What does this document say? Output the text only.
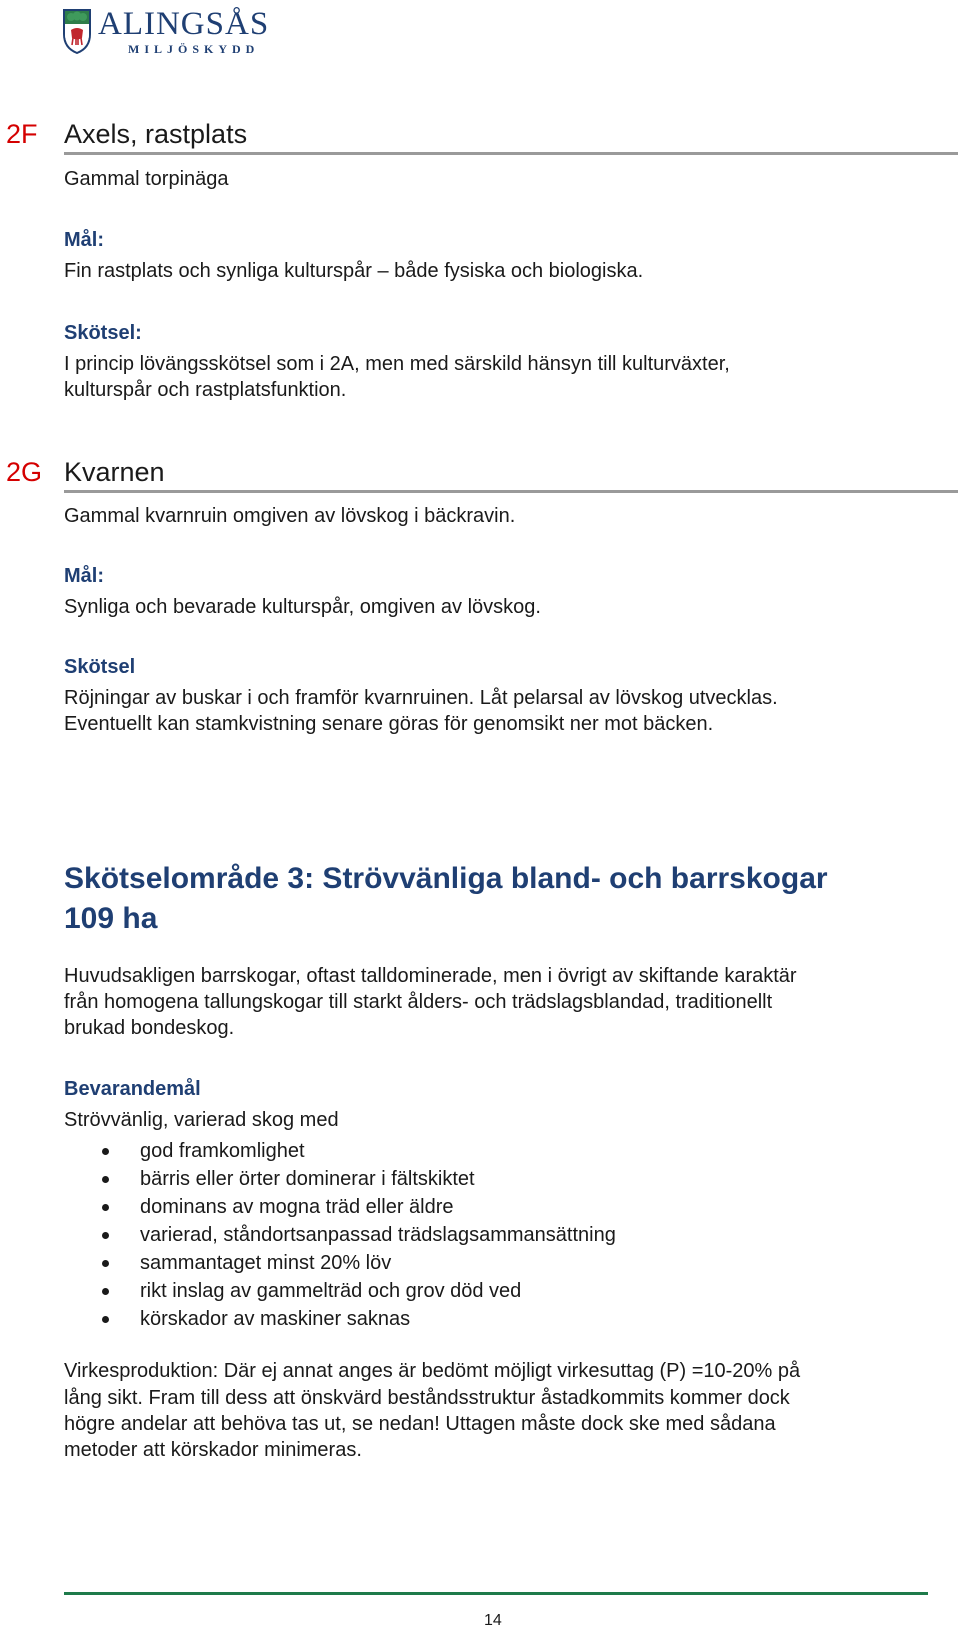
ALINGSÅS
MILJÖSKYDD
2F Axels, rastplats
Gammal torpinäga
Mål:
Fin rastplats och synliga kulturspår – både fysiska och biologiska.
Skötsel:
I princip lövängsskötsel som i 2A, men med särskild hänsyn till kulturväxter,
kulturspår och rastplatsfunktion.
2G Kvarnen
Gammal kvarnruin omgiven av lövskog i bäckravin.
Mål:
Synliga och bevarade kulturspår, omgiven av lövskog.
Skötsel
Röjningar av buskar i och framför kvarnruinen. Låt pelarsal av lövskog utvecklas.
Eventuellt kan stamkvistning senare göras för genomsikt ner mot bäcken.
Skötselområde 3: Strövvänliga bland- och barrskogar
109 ha
Huvudsakligen barrskogar, oftast talldominerade, men i övrigt av skiftande karaktär
från homogena tallungskogar till starkt ålders- och trädslagsblandad, traditionellt
brukad bondeskog.
Bevarandemål
Strövvänlig, varierad skog med
god framkomlighet
bärris eller örter dominerar i fältskiktet
dominans av mogna träd eller äldre
varierad, ståndortsanpassad trädslagsammansättning
sammantaget minst 20% löv
rikt inslag av gammelträd och grov död ved
körskador av maskiner saknas
Virkesproduktion: Där ej annat anges är bedömt möjligt virkesuttag (P) =10-20% på
lång sikt. Fram till dess att önskvärd beståndsstruktur åstadkommits kommer dock
högre andelar att behöva tas ut, se nedan! Uttagen måste dock ske med sådana
metoder att körskador minimeras.
14
